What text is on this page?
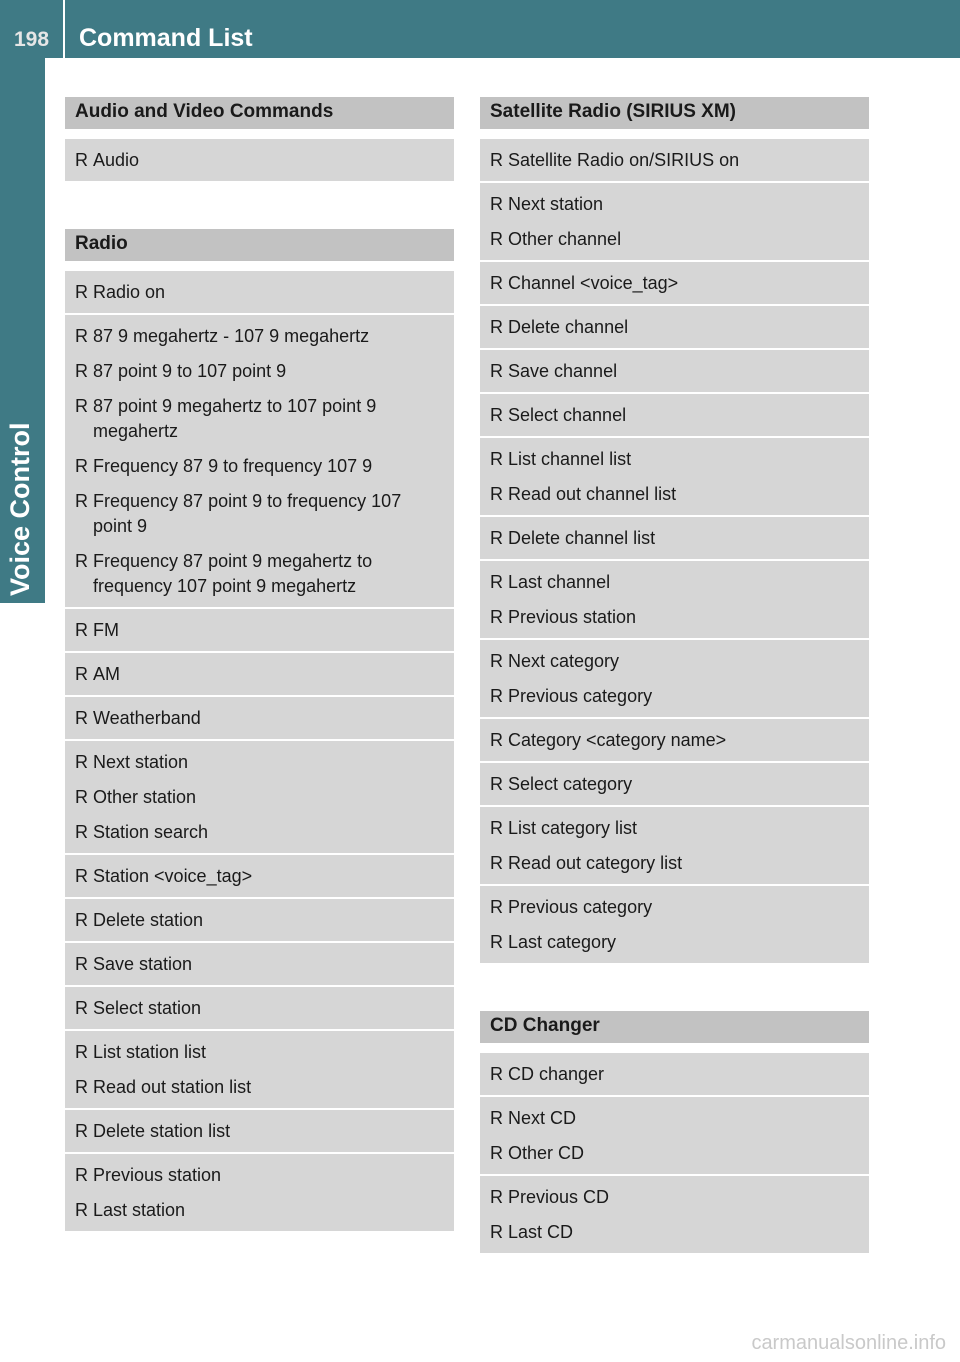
198 Command List
Voice Control
Audio and Video Commands
R Audio
Radio
R Radio on
R 87 9 megahertz - 107 9 megahertz
R 87 point 9 to 107 point 9
R 87 point 9 megahertz to 107 point 9 megahertz
R Frequency 87 9 to frequency 107 9
R Frequency 87 point 9 to frequency 107 point 9
R Frequency 87 point 9 megahertz to frequency 107 point 9 megahertz
R FM
R AM
R Weatherband
R Next station
R Other station
R Station search
R Station <voice_tag>
R Delete station
R Save station
R Select station
R List station list
R Read out station list
R Delete station list
R Previous station
R Last station
Satellite Radio (SIRIUS XM)
R Satellite Radio on/SIRIUS on
R Next station
R Other channel
R Channel <voice_tag>
R Delete channel
R Save channel
R Select channel
R List channel list
R Read out channel list
R Delete channel list
R Last channel
R Previous station
R Next category
R Previous category
R Category <category name>
R Select category
R List category list
R Read out category list
R Previous category
R Last category
CD Changer
R CD changer
R Next CD
R Other CD
R Previous CD
R Last CD
carmanualsonline.info
